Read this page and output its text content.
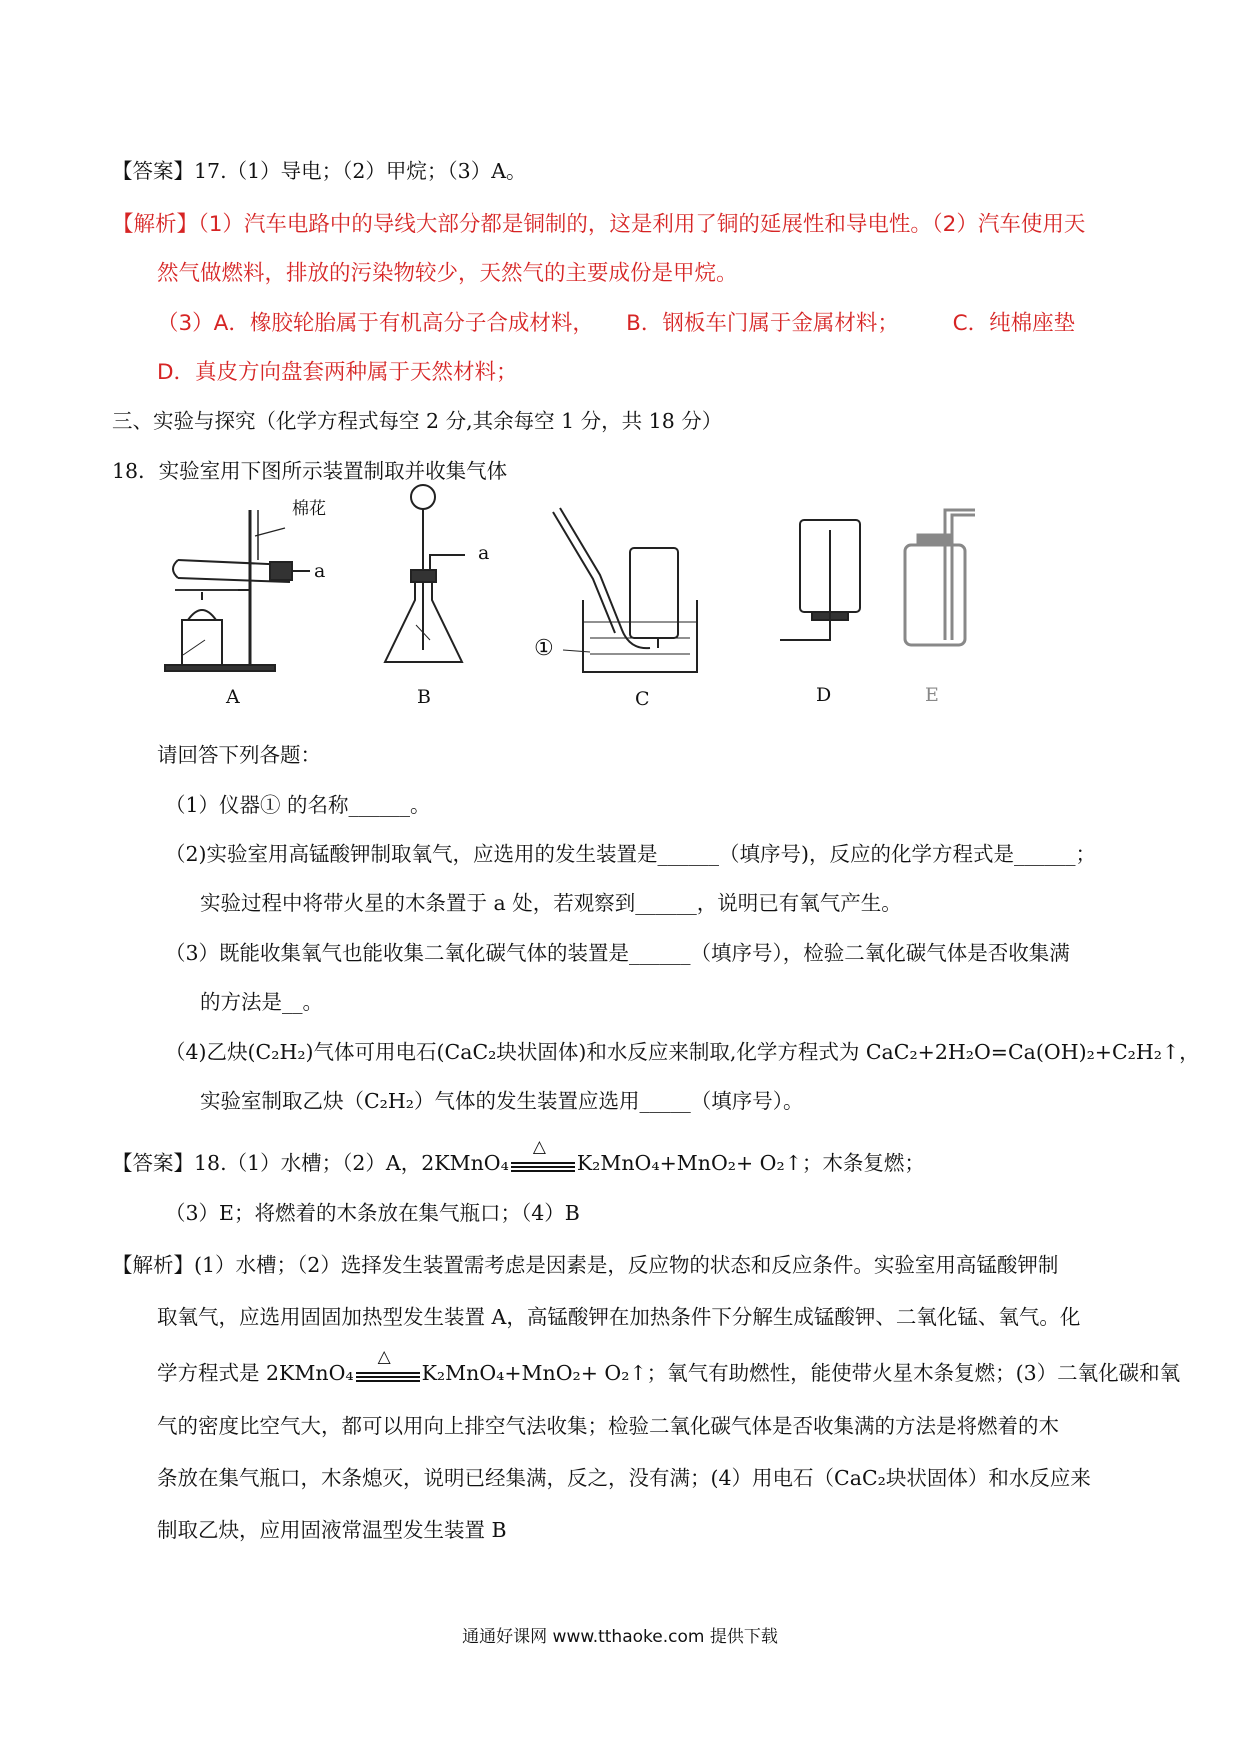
【答案】17.（1）导电；（2）甲烷；（3）A。
【解析】（1）汽车电路中的导线大部分都是铜制的，这是利用了铜的延展性和导电性。（2）汽车使用天
然气做燃料，排放的污染物较少，天然气的主要成份是甲烷。
（3）A．橡胶轮胎属于有机高分子合成材料，　　B．钢板车门属于金属材料；　　　C．纯棉座垫
D．真皮方向盘套两种属于天然材料；
三、实验与探究（化学方程式每空 2 分,其余每空 1 分，共 18 分）
18．实验室用下图所示装置制取并收集气体
棉花
a
a
①
A	B	C	D	E
请回答下列各题：
（1）仪器① 的名称______。
（2)实验室用高锰酸钾制取氧气，应选用的发生装置是______（填序号)，反应的化学方程式是______；
实验过程中将带火星的木条置于 a 处，若观察到______，说明已有氧气产生。
（3）既能收集氧气也能收集二氧化碳气体的装置是______（填序号），检验二氧化碳气体是否收集满
的方法是__。
（4)乙炔(C₂H₂)气体可用电石(CaC₂块状固体)和水反应来制取,化学方程式为 CaC₂+2H₂O=Ca(OH)₂+C₂H₂↑，
实验室制取乙炔（C₂H₂）气体的发生装置应选用_____（填序号）。
【答案】18.（1）水槽；（2）A，2KMnO₄
△
K₂MnO₄+MnO₂+ O₂↑；木条复燃；
（3）E；将燃着的木条放在集气瓶口；（4）B
【解析】(1）水槽；（2）选择发生装置需考虑是因素是，反应物的状态和反应条件。实验室用高锰酸钾制
取氧气，应选用固固加热型发生装置 A，高锰酸钾在加热条件下分解生成锰酸钾、二氧化锰、氧气。化
学方程式是 2KMnO₄
△
K₂MnO₄+MnO₂+ O₂↑；氧气有助燃性，能使带火星木条复燃；(3）二氧化碳和氧
气的密度比空气大，都可以用向上排空气法收集；检验二氧化碳气体是否收集满的方法是将燃着的木
条放在集气瓶口，木条熄灭，说明已经集满，反之，没有满；(4）用电石（CaC₂块状固体）和水反应来
制取乙炔，应用固液常温型发生装置 B
通通好课网 www.tthaoke.com 提供下载
